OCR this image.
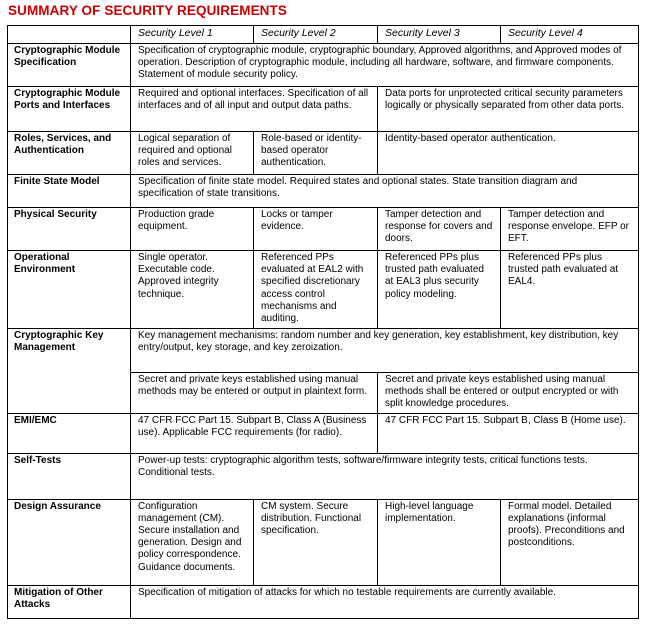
SUMMARY OF SECURITY REQUIREMENTS
	Security Level 1	Security Level 2	Security Level 3	Security Level 4
Cryptographic Module Specification	Specification of cryptographic module, cryptographic boundary, Approved algorithms, and Approved modes of operation. Description of cryptographic module, including all hardware, software, and firmware components. Statement of module security policy.			
Cryptographic Module Ports and Interfaces	Required and optional interfaces. Specification of all interfaces and of all input and output data paths.		Data ports for unprotected critical security parameters logically or physically separated from other data ports.	
Roles, Services, and Authentication	Logical separation of required and optional roles and services.	Role-based or identity-based operator authentication.	Identity-based operator authentication.	
Finite State Model	Specification of finite state model. Required states and optional states. State transition diagram and specification of state transitions.			
Physical Security	Production grade equipment.	Locks or tamper evidence.	Tamper detection and response for covers and doors.	Tamper detection and response envelope. EFP or EFT.
Operational Environment	Single operator. Executable code. Approved integrity technique.	Referenced PPs evaluated at EAL2 with specified discretionary access control mechanisms and auditing.	Referenced PPs plus trusted path evaluated at EAL3 plus security policy modeling.	Referenced PPs plus trusted path evaluated at EAL4.
Cryptographic Key Management	Key management mechanisms: random number and key generation, key establishment, key distribution, key entry/output, key storage, and key zeroization.			
	Secret and private keys established using manual methods may be entered or output in plaintext form.		Secret and private keys established using manual methods shall be entered or output encrypted or with split knowledge procedures.	
EMI/EMC	47 CFR FCC Part 15. Subpart B, Class A (Business use). Applicable FCC requirements (for radio).		47 CFR FCC Part 15. Subpart B, Class B (Home use).	
Self-Tests	Power-up tests: cryptographic algorithm tests, software/firmware integrity tests, critical functions tests. Conditional tests.			
Design Assurance	Configuration management (CM). Secure installation and generation. Design and policy correspondence. Guidance documents.	CM system. Secure distribution. Functional specification.	High-level language implementation.	Formal model. Detailed explanations (informal proofs). Preconditions and postconditions.
Mitigation of Other Attacks	Specification of mitigation of attacks for which no testable requirements are currently available.			
